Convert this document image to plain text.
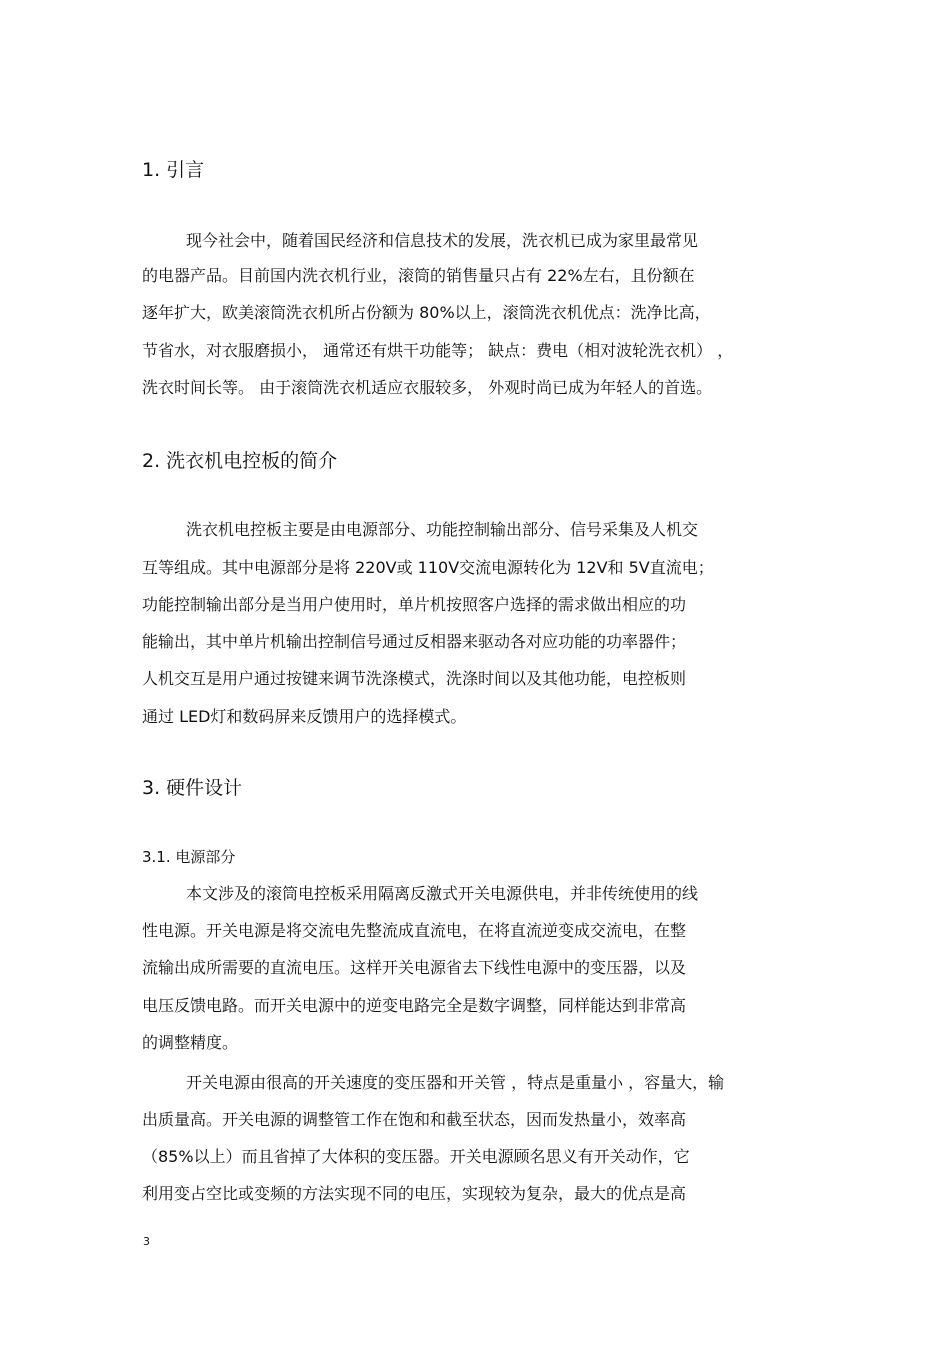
1. 引言
现今社会中，随着国民经济和信息技术的发展，洗衣机已成为家里最常见
的电器产品。目前国内洗衣机行业，滚筒的销售量只占有 22%左右，且份额在
逐年扩大，欧美滚筒洗衣机所占份额为 80%以上，滚筒洗衣机优点：洗净比高，
节省水，对衣服磨损小， 通常还有烘干功能等； 缺点：费电（相对波轮洗衣机） ，
洗衣时间长等。 由于滚筒洗衣机适应衣服较多， 外观时尚已成为年轻人的首选。
2. 洗衣机电控板的简介
洗衣机电控板主要是由电源部分、功能控制输出部分、信号采集及人机交
互等组成。其中电源部分是将 220V或 110V交流电源转化为 12V和 5V直流电；
功能控制输出部分是当用户使用时，单片机按照客户选择的需求做出相应的功
能输出，其中单片机输出控制信号通过反相器来驱动各对应功能的功率器件；
人机交互是用户通过按键来调节洗涤模式，洗涤时间以及其他功能，电控板则
通过 LED灯和数码屏来反馈用户的选择模式。
3. 硬件设计
3.1. 电源部分
本文涉及的滚筒电控板采用隔离反激式开关电源供电，并非传统使用的线
性电源。开关电源是将交流电先整流成直流电，在将直流逆变成交流电，在整
流输出成所需要的直流电压。这样开关电源省去下线性电源中的变压器，以及
电压反馈电路。而开关电源中的逆变电路完全是数字调整，同样能达到非常高
的调整精度。
开关电源由很高的开关速度的变压器和开关管 ，特点是重量小 ，容量大，输
出质量高。开关电源的调整管工作在饱和和截至状态，因而发热量小，效率高
（85%以上）而且省掉了大体积的变压器。开关电源顾名思义有开关动作，它
利用变占空比或变频的方法实现不同的电压，实现较为复杂，最大的优点是高
3
